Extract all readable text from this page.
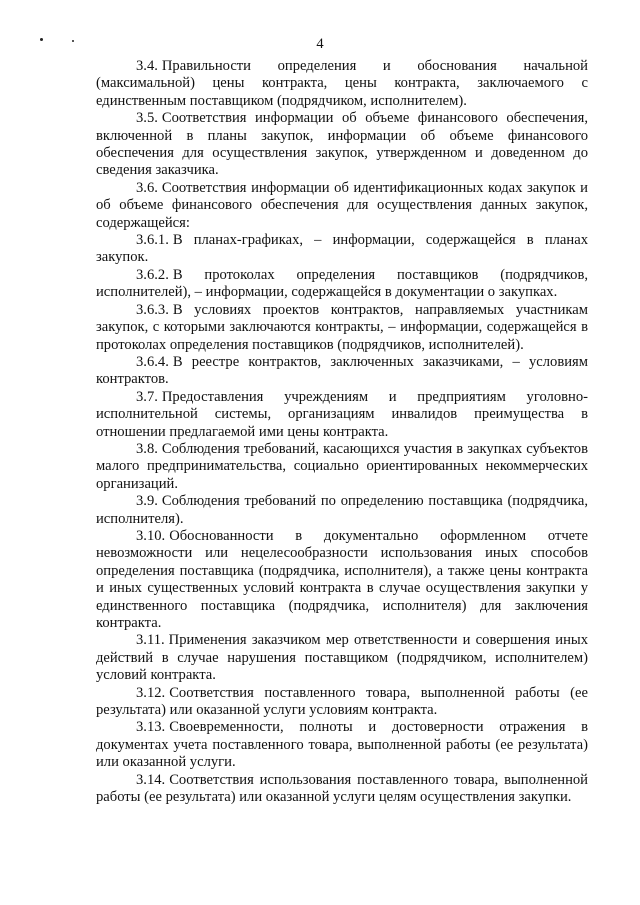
4

3.4. Правильности определения и обоснования начальной (максимальной) цены контракта, цены контракта, заключаемого с единственным поставщиком (подрядчиком, исполнителем).

3.5. Соответствия информации об объеме финансового обеспечения, включенной в планы закупок, информации об объеме финансового обеспечения для осуществления закупок, утвержденном и доведенном до сведения заказчика.

3.6. Соответствия информации об идентификационных кодах закупок и об объеме финансового обеспечения для осуществления данных закупок, содержащейся:

3.6.1. В планах-графиках, – информации, содержащейся в планах закупок.

3.6.2. В протоколах определения поставщиков (подрядчиков, исполнителей), – информации, содержащейся в документации о закупках.

3.6.3. В условиях проектов контрактов, направляемых участникам закупок, с которыми заключаются контракты, – информации, содержащейся в протоколах определения поставщиков (подрядчиков, исполнителей).

3.6.4. В реестре контрактов, заключенных заказчиками, – условиям контрактов.

3.7. Предоставления учреждениям и предприятиям уголовно-исполнительной системы, организациям инвалидов преимущества в отношении предлагаемой ими цены контракта.

3.8. Соблюдения требований, касающихся участия в закупках субъектов малого предпринимательства, социально ориентированных некоммерческих организаций.

3.9. Соблюдения требований по определению поставщика (подрядчика, исполнителя).

3.10. Обоснованности в документально оформленном отчете невозможности или нецелесообразности использования иных способов определения поставщика (подрядчика, исполнителя), а также цены контракта и иных существенных условий контракта в случае осуществления закупки у единственного поставщика (подрядчика, исполнителя) для заключения контракта.

3.11. Применения заказчиком мер ответственности и совершения иных действий в случае нарушения поставщиком (подрядчиком, исполнителем) условий контракта.

3.12. Соответствия поставленного товара, выполненной работы (ее результата) или оказанной услуги условиям контракта.

3.13. Своевременности, полноты и достоверности отражения в документах учета поставленного товара, выполненной работы (ее результата) или оказанной услуги.

3.14. Соответствия использования поставленного товара, выполненной работы (ее результата) или оказанной услуги целям осуществления закупки.
